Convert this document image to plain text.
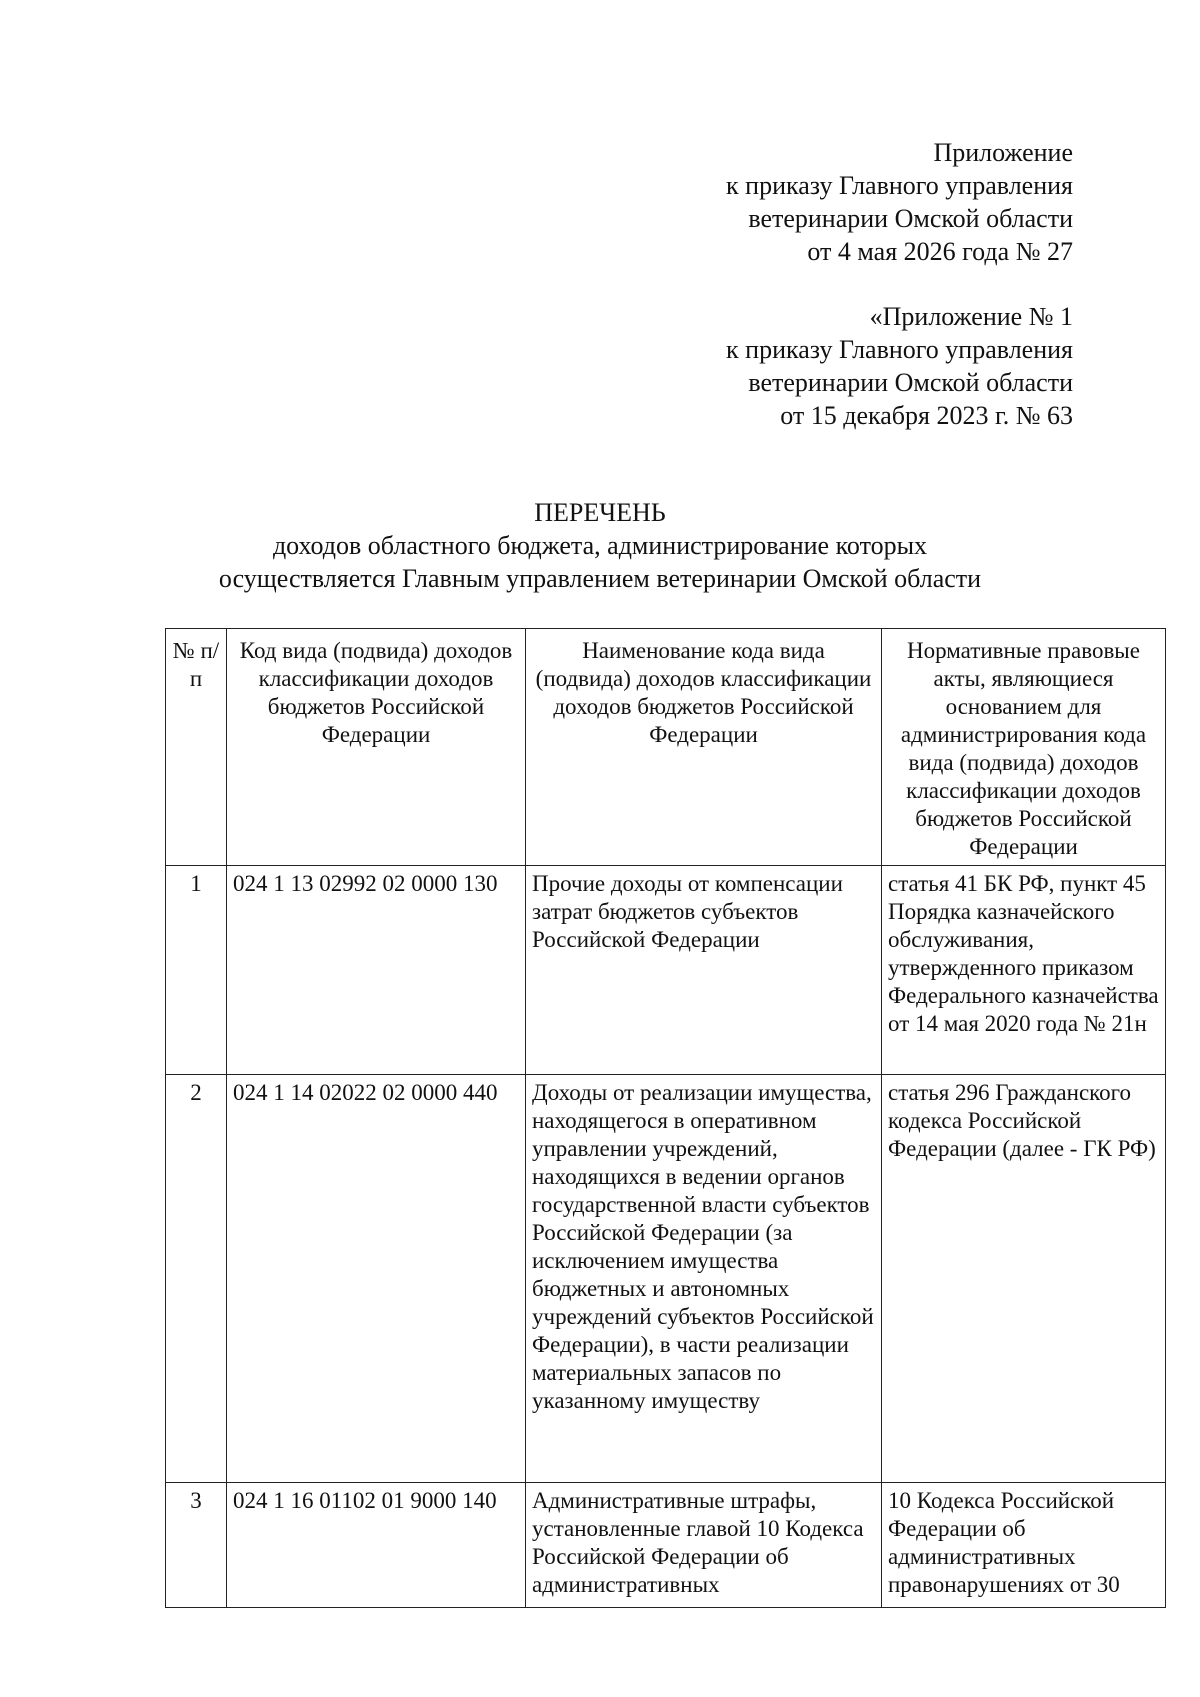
Приложение
к приказу Главного управления
ветеринарии Омской области
от 4 мая 2026 года № 27
«Приложение № 1
к приказу Главного управления
ветеринарии Омской области
от 15 декабря 2023 г. № 63
ПЕРЕЧЕНЬ
доходов областного бюджета, администрирование которых
осуществляется Главным управлением ветеринарии Омской области
№ п/п	Код вида (подвида) доходов классификации доходов бюджетов Российской Федерации	Наименование кода вида (подвида) доходов классификации доходов бюджетов Российской Федерации	Нормативные правовые акты, являющиеся основанием для администрирования кода вида (подвида) доходов классификации доходов бюджетов Российской Федерации

1	024 1 13 02992 02 0000 130	Прочие доходы от компенсации затрат бюджетов субъектов Российской Федерации	статья 41 БК РФ, пункт 45 Порядка казначейского обслуживания, утвержденного приказом Федерального казначейства от 14 мая 2020 года № 21н
2	024 1 14 02022 02 0000 440	Доходы от реализации имущества, находящегося в оперативном управлении учреждений, находящихся в ведении органов государственной власти субъектов Российской Федерации (за исключением имущества бюджетных и автономных учреждений субъектов Российской Федерации), в части реализации материальных запасов по указанному имуществу	статья 296 Гражданского кодекса Российской Федерации (далее - ГК РФ)
3	024 1 16 01102 01 9000 140	Административные штрафы, установленные главой 10 Кодекса Российской Федерации об административных	10 Кодекса Российской Федерации об административных правонарушениях от 30
